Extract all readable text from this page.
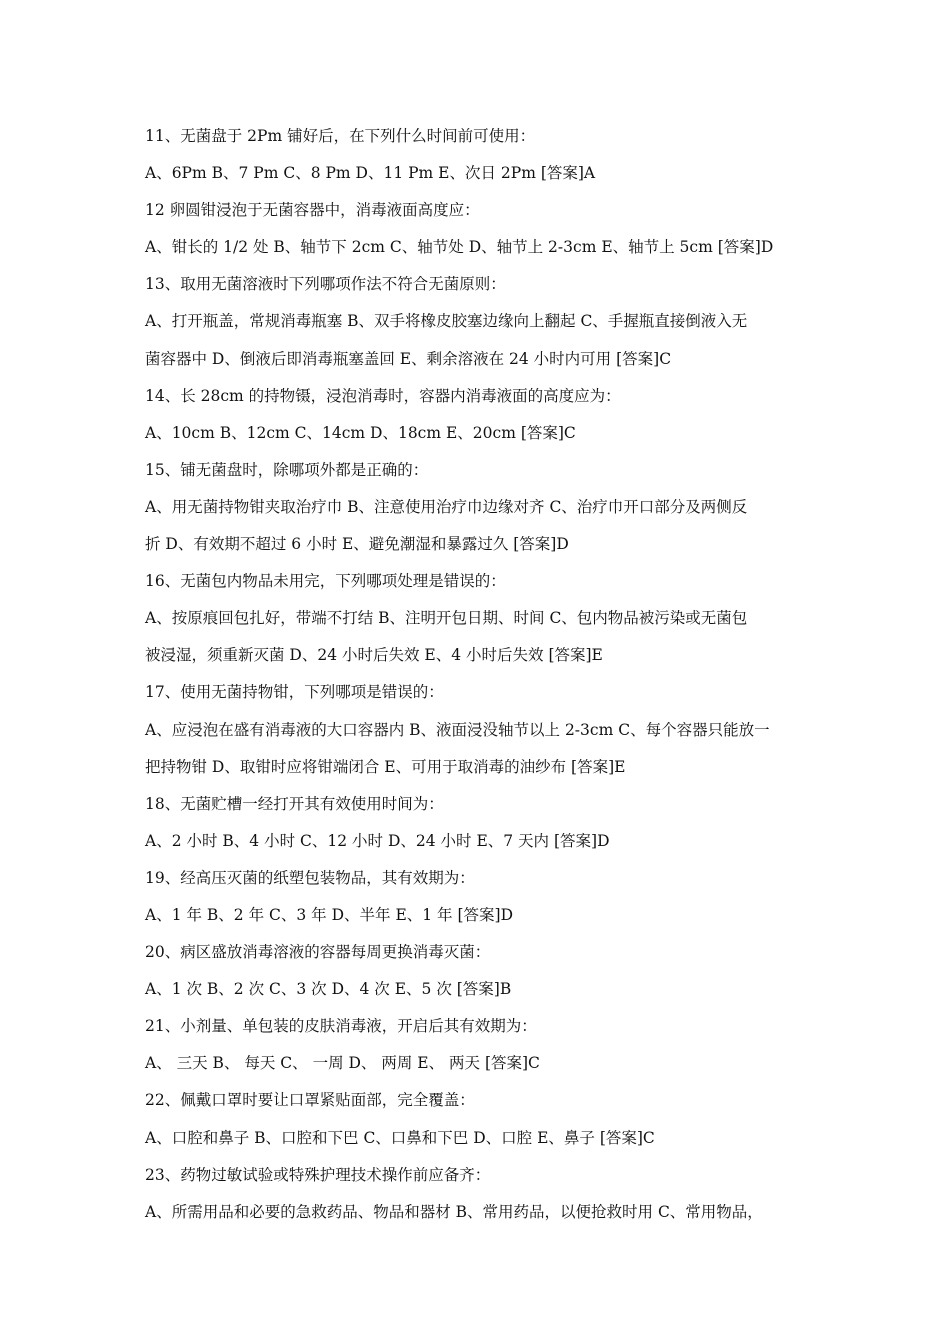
11、无菌盘于 2Pm 铺好后，在下列什么时间前可使用：
A、6Pm B、7 Pm C、8 Pm D、11 Pm E、次日 2Pm [答案]A
12 卵圆钳浸泡于无菌容器中，消毒液面高度应：
A、钳长的 1/2 处 B、轴节下 2cm C、轴节处 D、轴节上 2-3cm E、轴节上 5cm [答案]D
13、取用无菌溶液时下列哪项作法不符合无菌原则：
A、打开瓶盖，常规消毒瓶塞 B、双手将橡皮胶塞边缘向上翻起 C、手握瓶直接倒液入无
菌容器中 D、倒液后即消毒瓶塞盖回 E、剩余溶液在 24 小时内可用 [答案]C
14、长 28cm 的持物镊，浸泡消毒时，容器内消毒液面的高度应为：
A、10cm B、12cm C、14cm D、18cm E、20cm [答案]C
15、铺无菌盘时，除哪项外都是正确的：
A、用无菌持物钳夹取治疗巾 B、注意使用治疗巾边缘对齐 C、治疗巾开口部分及两侧反
折 D、有效期不超过 6 小时 E、避免潮湿和暴露过久 [答案]D
16、无菌包内物品未用完，下列哪项处理是错误的：
A、按原痕回包扎好，带端不打结 B、注明开包日期、时间 C、包内物品被污染或无菌包
被浸湿，须重新灭菌 D、24 小时后失效 E、4 小时后失效 [答案]E
17、使用无菌持物钳，下列哪项是错误的：
A、应浸泡在盛有消毒液的大口容器内 B、液面浸没轴节以上 2-3cm C、每个容器只能放一
把持物钳 D、取钳时应将钳端闭合 E、可用于取消毒的油纱布 [答案]E
18、无菌贮槽一经打开其有效使用时间为：
A、2 小时 B、4 小时 C、12 小时 D、24 小时 E、7 天内 [答案]D
19、经高压灭菌的纸塑包装物品，其有效期为：
A、1 年 B、2 年 C、3 年 D、半年 E、1 年 [答案]D
20、病区盛放消毒溶液的容器每周更换消毒灭菌：
A、1 次 B、2 次 C、3 次 D、4 次 E、5 次 [答案]B
21、小剂量、单包装的皮肤消毒液，开启后其有效期为：
A、 三天 B、 每天 C、 一周 D、 两周 E、 两天 [答案]C
22、佩戴口罩时要让口罩紧贴面部，完全覆盖：
A、口腔和鼻子 B、口腔和下巴 C、口鼻和下巴 D、口腔 E、鼻子 [答案]C
23、药物过敏试验或特殊护理技术操作前应备齐：
A、所需用品和必要的急救药品、物品和器材 B、常用药品，以便抢救时用 C、常用物品，
